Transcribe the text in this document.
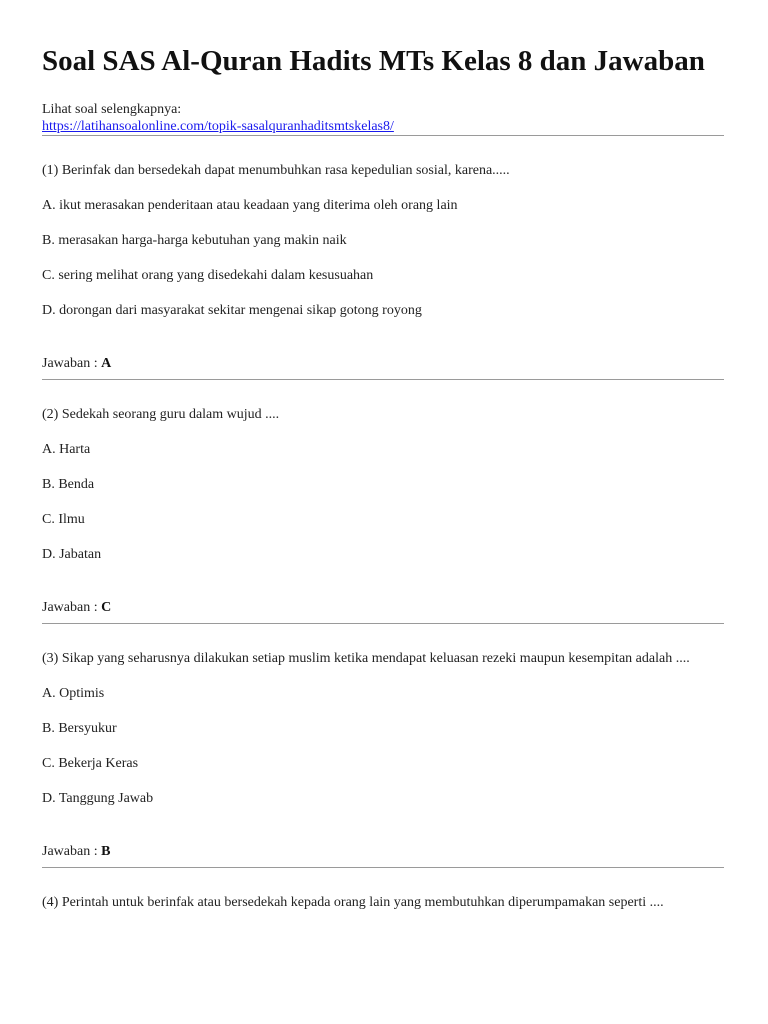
Soal SAS Al-Quran Hadits MTs Kelas 8 dan Jawaban
Lihat soal selengkapnya:
https://latihansoalonline.com/topik-sasalquranhaditsmtskelas8/
(1) Berinfak dan bersedekah dapat menumbuhkan rasa kepedulian sosial, karena.....
A. ikut merasakan penderitaan atau keadaan yang diterima oleh orang lain
B. merasakan harga-harga kebutuhan yang makin naik
C. sering melihat orang yang disedekahi dalam kesusuahan
D. dorongan dari masyarakat sekitar mengenai sikap gotong royong
Jawaban : A
(2) Sedekah seorang guru dalam wujud ....
A. Harta
B. Benda
C. Ilmu
D. Jabatan
Jawaban : C
(3) Sikap yang seharusnya dilakukan setiap muslim ketika mendapat keluasan rezeki maupun kesempitan adalah ....
A. Optimis
B. Bersyukur
C. Bekerja Keras
D. Tanggung Jawab
Jawaban : B
(4) Perintah untuk berinfak atau bersedekah kepada orang lain yang membutuhkan diperumpamakan seperti ....
